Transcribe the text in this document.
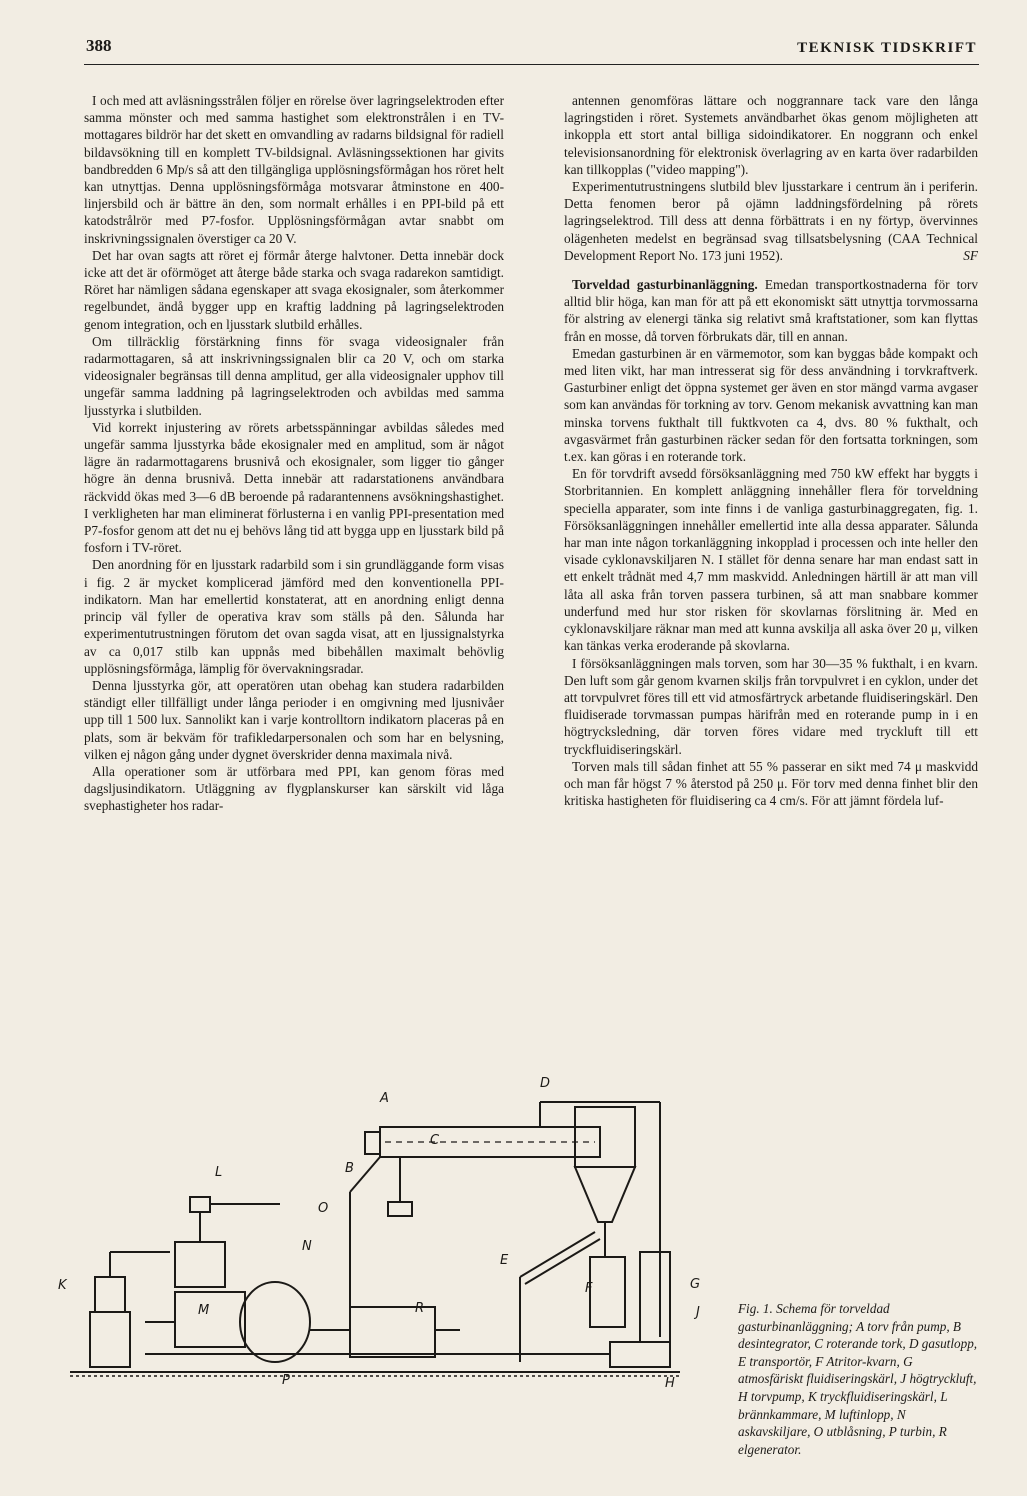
388	TEKNISK TIDSKRIFT

I och med att avläsningsstrålen följer en rörelse över lagringselektroden efter samma mönster och med samma hastighet som elektronstrålen i en TV-mottagares bildrör har det skett en omvandling av radarns bildsignal för radiell bildavsökning till en komplett TV-bildsignal. Avläsningssektionen har givits bandbredden 6 Mp/s så att den tillgängliga upplösningsförmågan hos röret helt kan utnyttjas. Denna upplösningsförmåga motsvarar åtminstone en 400-linjersbild och är bättre än den, som normalt erhålles i en PPI-bild på ett katodstrålrör med P7-fosfor. Upplösningsförmågan avtar snabbt om inskrivningssignalen överstiger ca 20 V.

Det har ovan sagts att röret ej förmår återge halvtoner. Detta innebär dock icke att det är oförmöget att återge både starka och svaga radarekon samtidigt. Röret har nämligen sådana egenskaper att svaga ekosignaler, som återkommer regelbundet, ändå bygger upp en kraftig laddning på lagringselektroden genom integration, och en ljusstark slutbild erhålles.

Om tillräcklig förstärkning finns för svaga videosignaler från radarmottagaren, så att inskrivningssignalen blir ca 20 V, och om starka videosignaler begränsas till denna amplitud, ger alla videosignaler upphov till ungefär samma laddning på lagringselektroden och avbildas med samma ljusstyrka i slutbilden.

Vid korrekt injustering av rörets arbetsspänningar avbildas således med ungefär samma ljusstyrka både ekosignaler med en amplitud, som är något lägre än radarmottagarens brusnivå och ekosignaler, som ligger tio gånger högre än denna brusnivå. Detta innebär att radarstationens användbara räckvidd ökas med 3—6 dB beroende på radarantennens avsökningshastighet. I verkligheten har man eliminerat förlusterna i en vanlig PPI-presentation med P7-fosfor genom att det nu ej behövs lång tid att bygga upp en ljusstark bild på fosforn i TV-röret.

Den anordning för en ljusstark radarbild som i sin grundläggande form visas i fig. 2 är mycket komplicerad jämförd med den konventionella PPI-indikatorn. Man har emellertid konstaterat, att en anordning enligt denna princip väl fyller de operativa krav som ställs på den. Sålunda har experimentutrustningen förutom det ovan sagda visat, att en ljussignalstyrka av ca 0,017 stilb kan uppnås med bibehållen maximalt behövlig upplösningsförmåga, lämplig för övervakningsradar.

Denna ljusstyrka gör, att operatören utan obehag kan studera radarbilden ständigt eller tillfälligt under långa perioder i en omgivning med ljusnivåer upp till 1 500 lux. Sannolikt kan i varje kontrolltorn indikatorn placeras på en plats, som är bekväm för trafikledarpersonalen och som har en belysning, vilken ej någon gång under dygnet överskrider denna maximala nivå.

Alla operationer som är utförbara med PPI, kan genom föras med dagsljusindikatorn. Utläggning av flygplanskurser kan särskilt vid låga svephastigheter hos radar-

antennen genomföras lättare och noggrannare tack vare den långa lagringstiden i röret. Systemets användbarhet ökas genom möjligheten att inkoppla ett stort antal billiga sidoindikatorer. En noggrann och enkel televisionsanordning för elektronisk överlagring av en karta över radarbilden kan tillkopplas ("video mapping").

Experimentutrustningens slutbild blev ljusstarkare i centrum än i periferin. Detta fenomen beror på ojämn laddningsfördelning på rörets lagringselektrod. Till dess att denna förbättrats i en ny förtyp, övervinnes olägenheten medelst en begränsad svag tillsatsbelysning (CAA Technical Development Report No. 173 juni 1952).	SF

Torveldad gasturbinanläggning. Emedan transportkostnaderna för torv alltid blir höga, kan man för att på ett ekonomiskt sätt utnyttja torvmossarna för alstring av elenergi tänka sig relativt små kraftstationer, som kan flyttas från en mosse, då torven förbrukats där, till en annan.

Emedan gasturbinen är en värmemotor, som kan byggas både kompakt och med liten vikt, har man intresserat sig för dess användning i torvkraftverk. Gasturbiner enligt det öppna systemet ger även en stor mängd varma avgaser som kan användas för torkning av torv. Genom mekanisk avvattning kan man minska torvens fukthalt till fuktkvoten ca 4, dvs. 80 % fukthalt, och avgasvärmet från gasturbinen räcker sedan för den fortsatta torkningen, som t.ex. kan göras i en roterande tork.

En för torvdrift avsedd försöksanläggning med 750 kW effekt har byggts i Storbritannien. En komplett anläggning innehåller flera för torveldning speciella apparater, som inte finns i de vanliga gasturbinaggregaten, fig. 1. Försöksanläggningen innehåller emellertid inte alla dessa apparater. Sålunda har man inte någon torkanläggning inkopplad i processen och inte heller den visade cyklonavskiljaren N. I stället för denna senare har man endast satt in ett enkelt trådnät med 4,7 mm maskvidd. Anledningen härtill är att man vill låta all aska från torven passera turbinen, så att man snabbare kommer underfund med hur stor risken för skovlarnas förslitning är. Med en cyklonavskiljare räknar man med att kunna avskilja all aska över 20 μ, vilken kan tänkas verka eroderande på skovlarna.

I försöksanläggningen mals torven, som har 30—35 % fukthalt, i en kvarn. Den luft som går genom kvarnen skiljs från torvpulvret i en cyklon, under det att torvpulvret föres till ett vid atmosfärtryck arbetande fluidiseringskärl. Den fluidiserade torvmassan pumpas härifrån med en roterande pump in i en högtrycksledning, där torven föres vidare med tryckluft till ett tryckfluidiseringskärl.

Torven mals till sådan finhet att 55 % passerar en sikt med 74 μ maskvidd och man får högst 7 % återstod på 250 μ. För torv med denna finhet blir den kritiska hastigheten för fluidisering ca 4 cm/s. För att jämnt fördela luf-

A
B
C
D
E
F	G
H
J
K
L
M
N
O
P
R	Fig. 1. Schema för torveldad gasturbinanläggning; A torv från pump, B desintegrator, C roterande tork, D gasutlopp, E transportör, F Atritor-kvarn, G atmosfäriskt fluidiseringskärl, J högtryckluft, H torvpump, K tryckfluidiseringskärl, L brännkammare, M luftinlopp, N askavskiljare, O utblåsning, P turbin, R elgenerator.
